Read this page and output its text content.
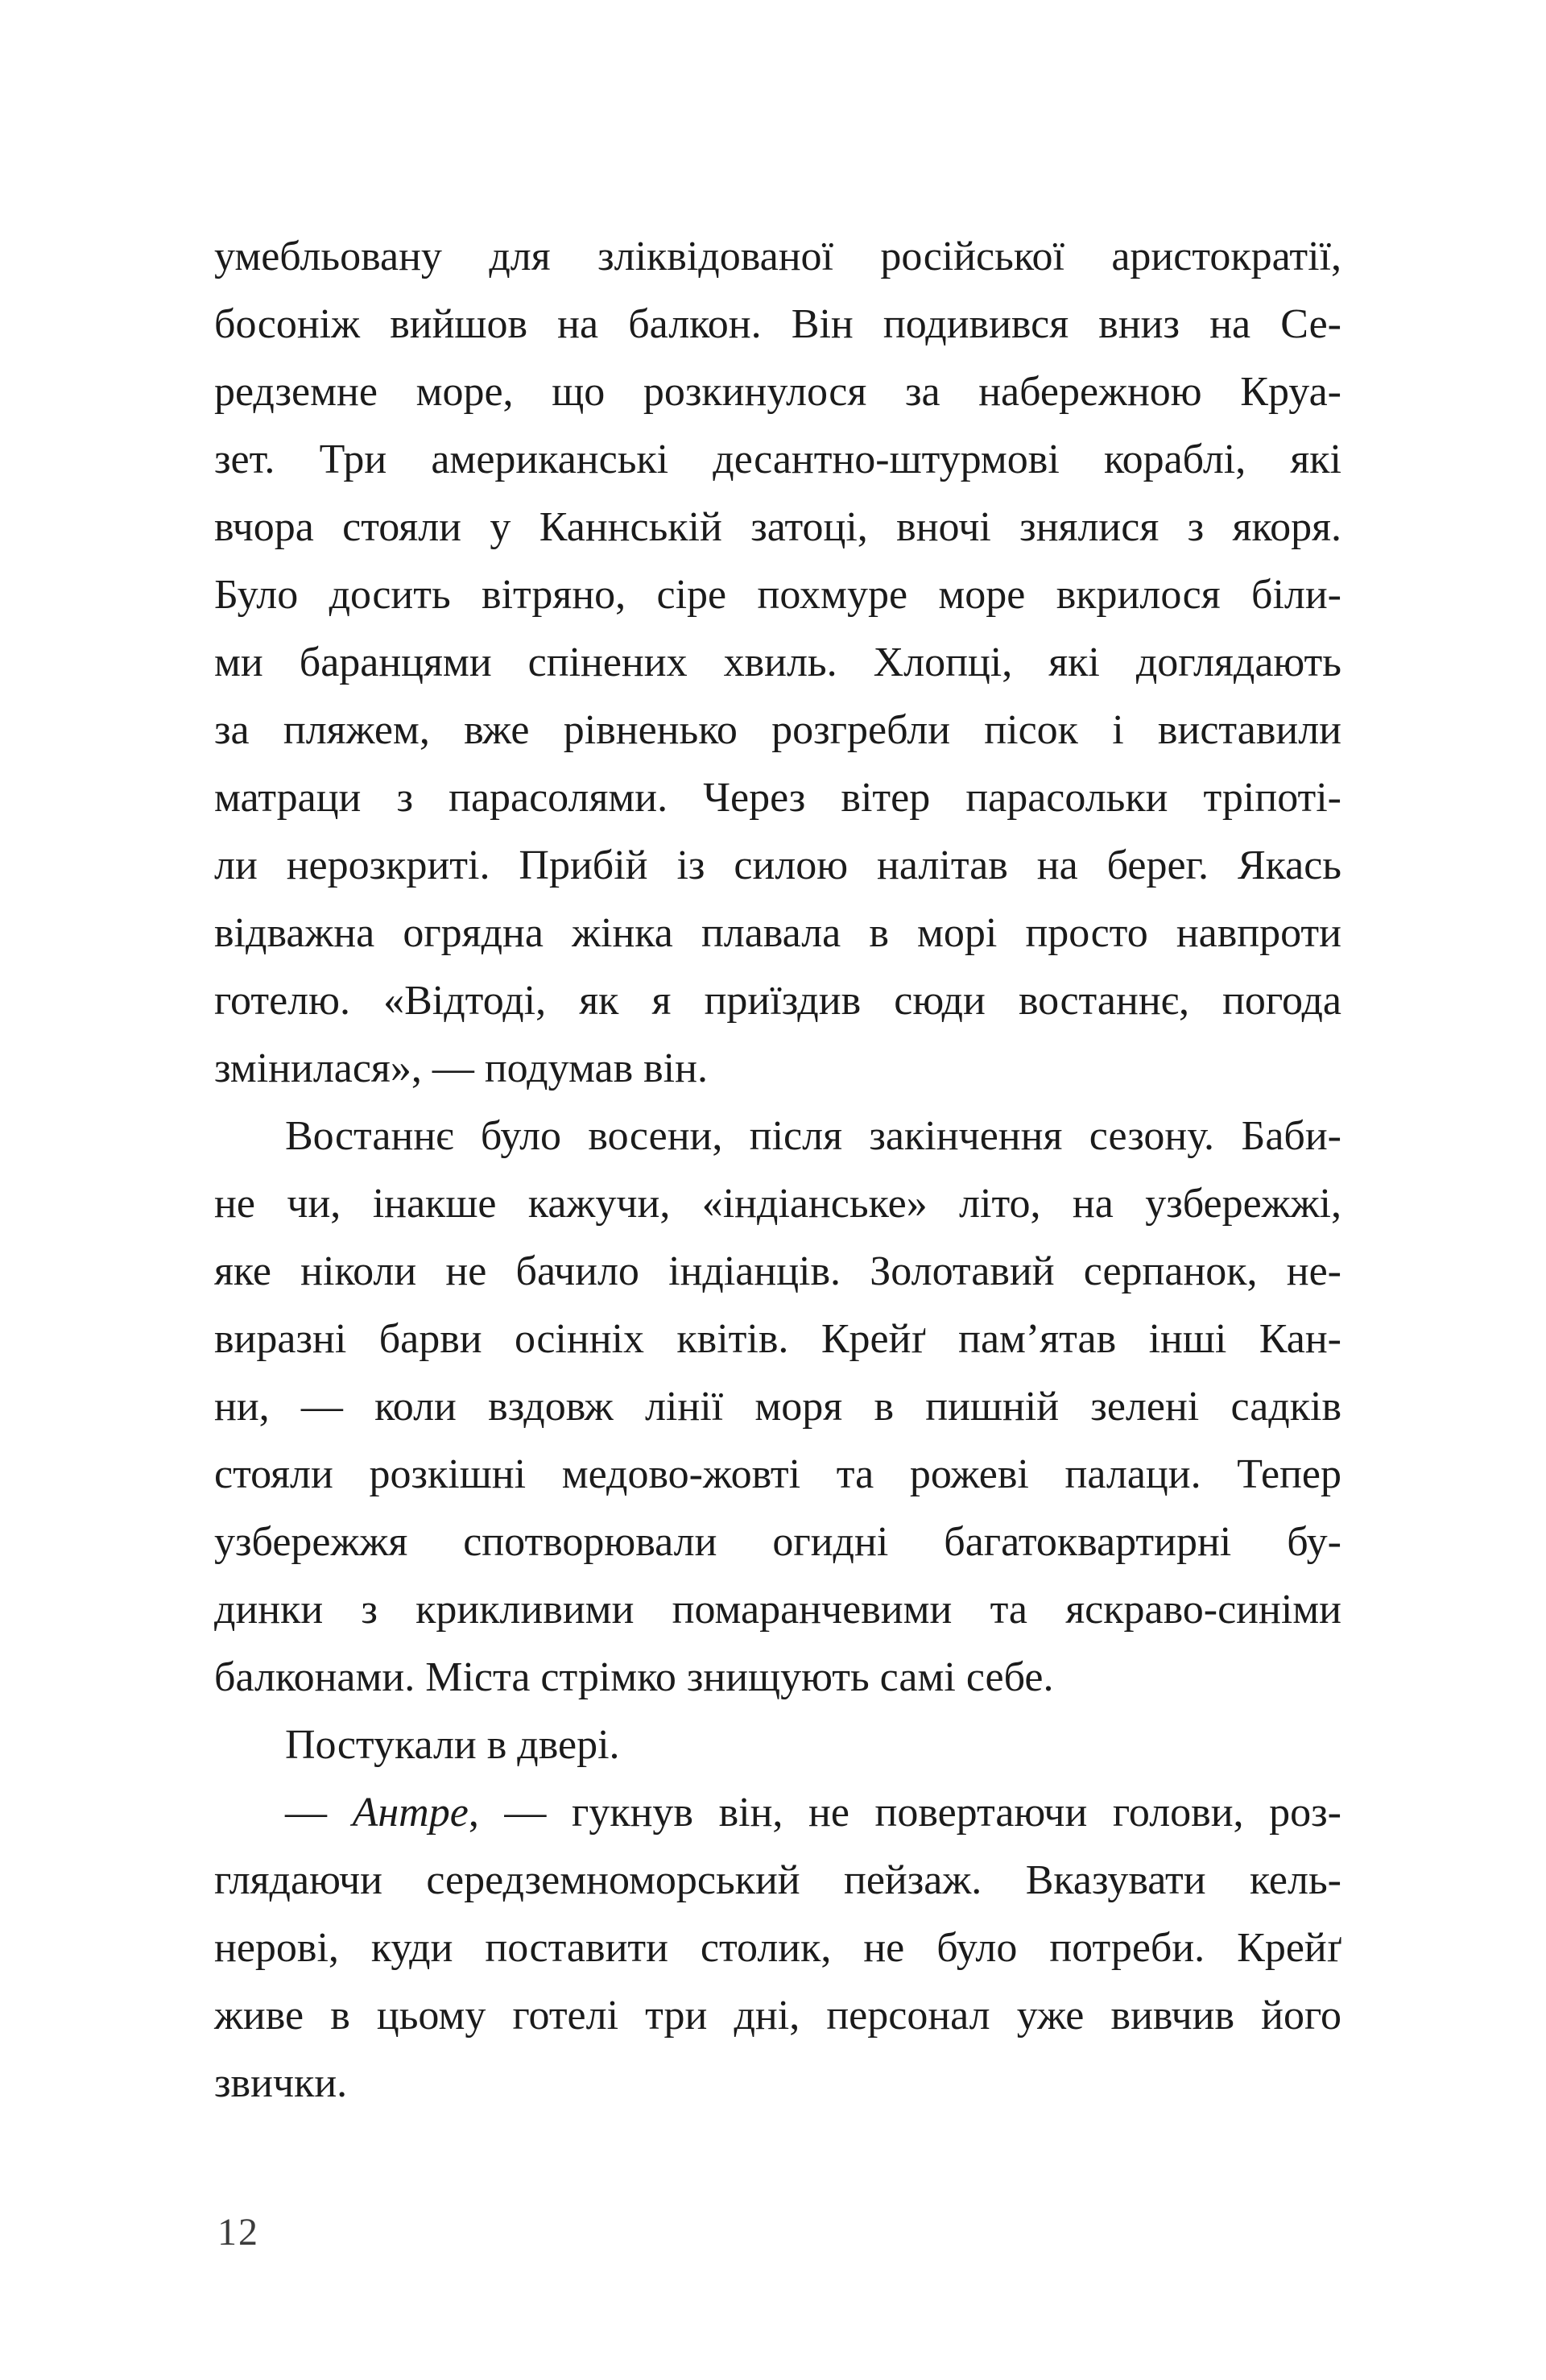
умебльовану для зліквідованої російської аристократії,
босоніж вийшов на балкон. Він подивився вниз на Се-
редземне море, що розкинулося за набережною Круа-
зет. Три американські десантно-штурмові кораблі, які
вчора стояли у Каннській затоці, вночі знялися з якоря.
Було досить вітряно, сіре похмуре море вкрилося біли-
ми баранцями спінених хвиль. Хлопці, які доглядають
за пляжем, вже рівненько розгребли пісок і виставили
матраци з парасолями. Через вітер парасольки тріпоті-
ли нерозкриті. Прибій із силою налітав на берег. Якась
відважна огрядна жінка плавала в морі просто навпроти
готелю. «Відтоді, як я приїздив сюди востаннє, погода
змінилася», — подумав він.
Востаннє було восени, після закінчення сезону. Баби-
не чи, інакше кажучи, «індіанське» літо, на узбережжі,
яке ніколи не бачило індіанців. Золотавий серпанок, не-
виразні барви осінніх квітів. Крейґ пам’ятав інші Кан-
ни, — коли вздовж лінії моря в пишній зелені садків
стояли розкішні медово-жовті та рожеві палаци. Тепер
узбережжя спотворювали огидні багатоквартирні бу-
динки з крикливими помаранчевими та яскраво-синіми
балконами. Міста стрімко знищують самі себе.
Постукали в двері.
— Антре, — гукнув він, не повертаючи голови, роз-
глядаючи середземноморський пейзаж. Вказувати кель-
нерові, куди поставити столик, не було потреби. Крейґ
живе в цьому готелі три дні, персонал уже вивчив його
звички.
12
